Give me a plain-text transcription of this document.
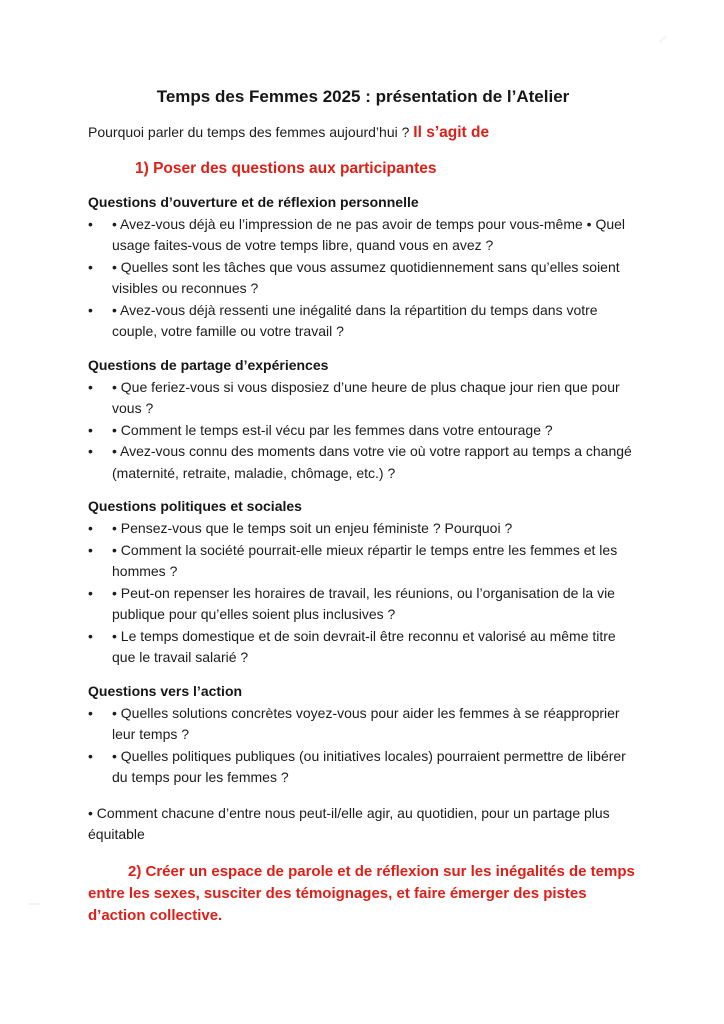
Temps des Femmes 2025 : présentation de l’Atelier

Pourquoi parler du temps des femmes aujourd’hui ? Il s’agit de

1) Poser des questions aux participantes
Questions d’ouverture et de réflexion personnelle
•
• Avez-vous déjà eu l’impression de ne pas avoir de temps pour vous-même • Quel usage faites-vous de votre temps libre, quand vous en avez ?
•
• Quelles sont les tâches que vous assumez quotidiennement sans qu’elles soient visibles ou reconnues ?
•
• Avez-vous déjà ressenti une inégalité dans la répartition du temps dans votre couple, votre famille ou votre travail ?
Questions de partage d’expériences
•
• Que feriez-vous si vous disposiez d’une heure de plus chaque jour rien que pour vous ?
•
• Comment le temps est-il vécu par les femmes dans votre entourage ?
•
• Avez-vous connu des moments dans votre vie où votre rapport au temps a changé (maternité, retraite, maladie, chômage, etc.) ?
Questions politiques et sociales
•
• Pensez-vous que le temps soit un enjeu féministe ? Pourquoi ?
•
• Comment la société pourrait-elle mieux répartir le temps entre les femmes et les hommes ?
•
• Peut-on repenser les horaires de travail, les réunions, ou l’organisation de la vie publique pour qu’elles soient plus inclusives ?
•
• Le temps domestique et de soin devrait-il être reconnu et valorisé au même titre que le travail salarié ?
Questions vers l’action
•
• Quelles solutions concrètes voyez-vous pour aider les femmes à se réapproprier leur temps ?
•
• Quelles politiques publiques (ou initiatives locales) pourraient permettre de libérer du temps pour les femmes ?

• Comment chacune d’entre nous peut-il/elle agir, au quotidien, pour un partage plus équitable

2) Créer un espace de parole et de réflexion sur les inégalités de temps entre les sexes, susciter des témoignages, et faire émerger des pistes d’action collective.
